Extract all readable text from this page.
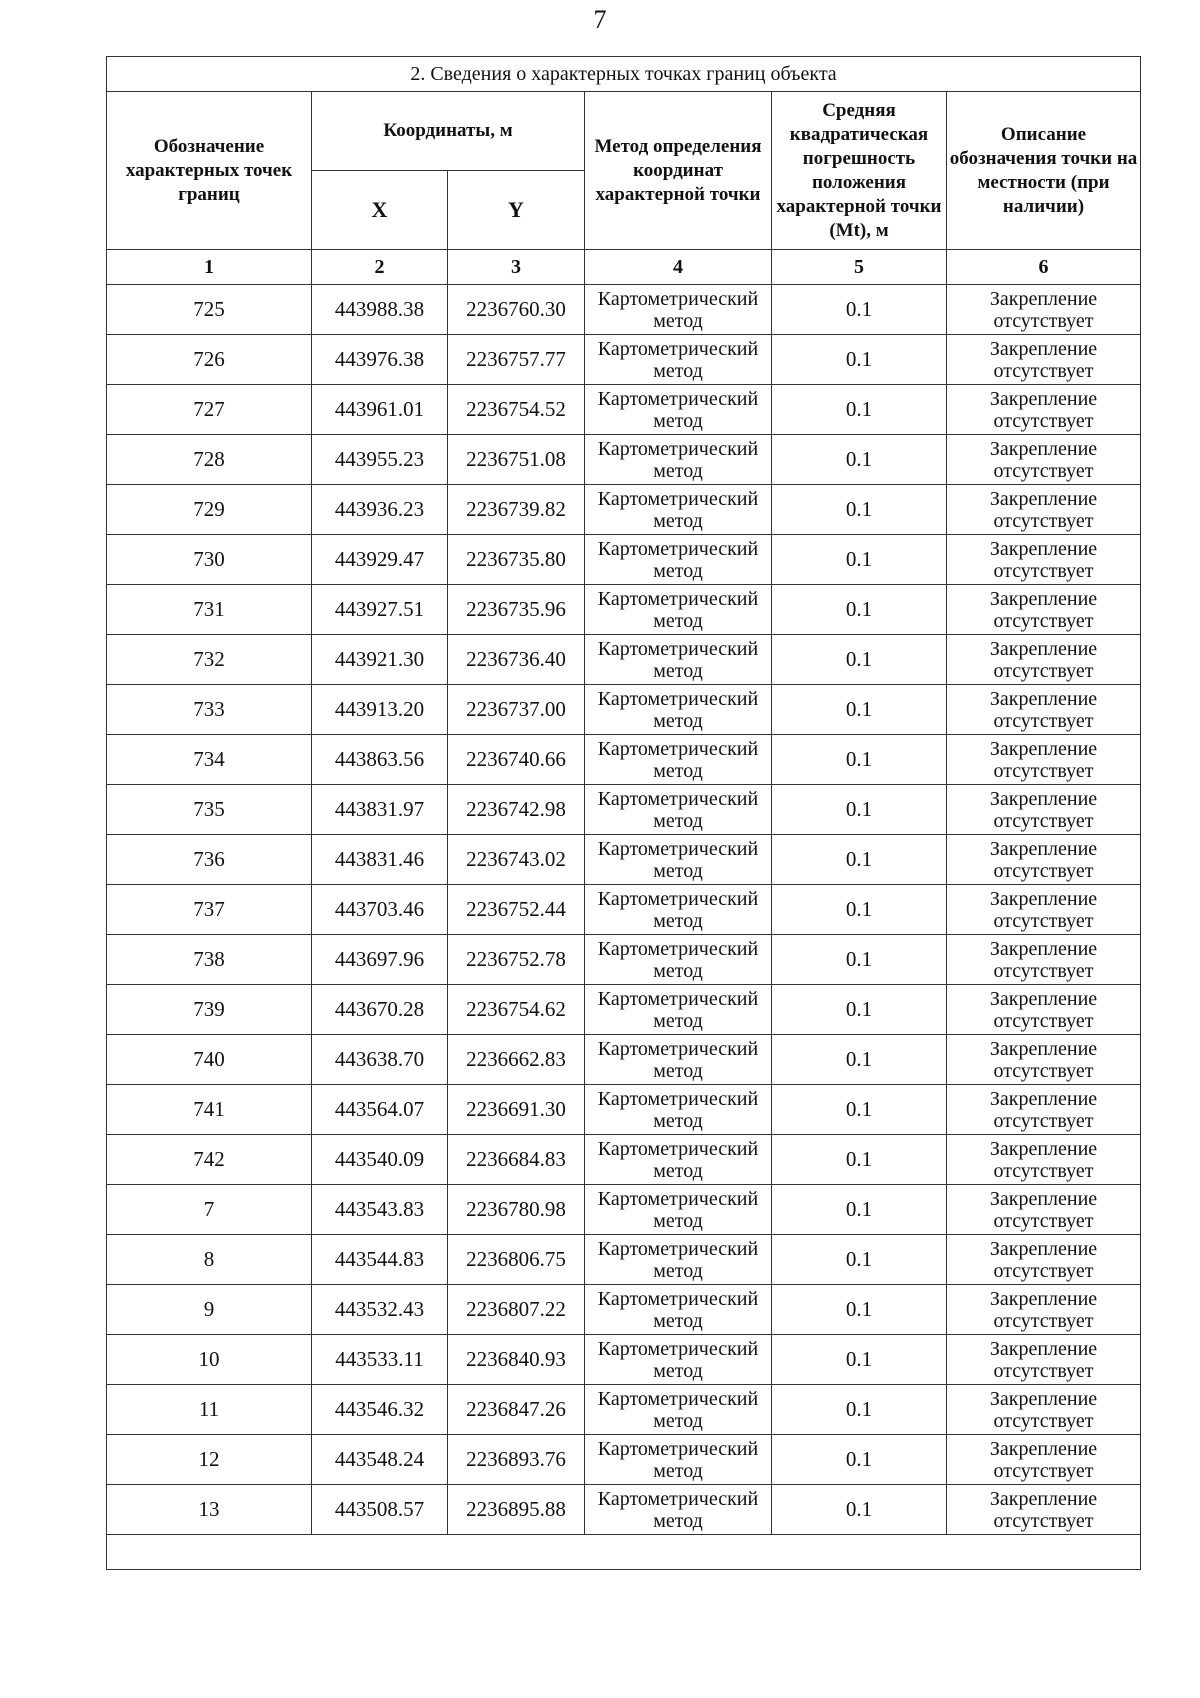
7
2. Сведения о характерных точках границ объекта					
Обозначение характерных точек границ	Координаты, м		Метод определения координат характерной точки	Средняя квадратическая погрешность положения характерной точки (Mt), м	Описание обозначения точки на местности (при наличии)
	X	Y			
1	2	3	4	5	6
725	443988.38	2236760.30	Картометрический метод	0.1	Закрепление отсутствует
726	443976.38	2236757.77	Картометрический метод	0.1	Закрепление отсутствует
727	443961.01	2236754.52	Картометрический метод	0.1	Закрепление отсутствует
728	443955.23	2236751.08	Картометрический метод	0.1	Закрепление отсутствует
729	443936.23	2236739.82	Картометрический метод	0.1	Закрепление отсутствует
730	443929.47	2236735.80	Картометрический метод	0.1	Закрепление отсутствует
731	443927.51	2236735.96	Картометрический метод	0.1	Закрепление отсутствует
732	443921.30	2236736.40	Картометрический метод	0.1	Закрепление отсутствует
733	443913.20	2236737.00	Картометрический метод	0.1	Закрепление отсутствует
734	443863.56	2236740.66	Картометрический метод	0.1	Закрепление отсутствует
735	443831.97	2236742.98	Картометрический метод	0.1	Закрепление отсутствует
736	443831.46	2236743.02	Картометрический метод	0.1	Закрепление отсутствует
737	443703.46	2236752.44	Картометрический метод	0.1	Закрепление отсутствует
738	443697.96	2236752.78	Картометрический метод	0.1	Закрепление отсутствует
739	443670.28	2236754.62	Картометрический метод	0.1	Закрепление отсутствует
740	443638.70	2236662.83	Картометрический метод	0.1	Закрепление отсутствует
741	443564.07	2236691.30	Картометрический метод	0.1	Закрепление отсутствует
742	443540.09	2236684.83	Картометрический метод	0.1	Закрепление отсутствует
7	443543.83	2236780.98	Картометрический метод	0.1	Закрепление отсутствует
8	443544.83	2236806.75	Картометрический метод	0.1	Закрепление отсутствует
9	443532.43	2236807.22	Картометрический метод	0.1	Закрепление отсутствует
10	443533.11	2236840.93	Картометрический метод	0.1	Закрепление отсутствует
11	443546.32	2236847.26	Картометрический метод	0.1	Закрепление отсутствует
12	443548.24	2236893.76	Картометрический метод	0.1	Закрепление отсутствует
13	443508.57	2236895.88	Картометрический метод	0.1	Закрепление отсутствует
